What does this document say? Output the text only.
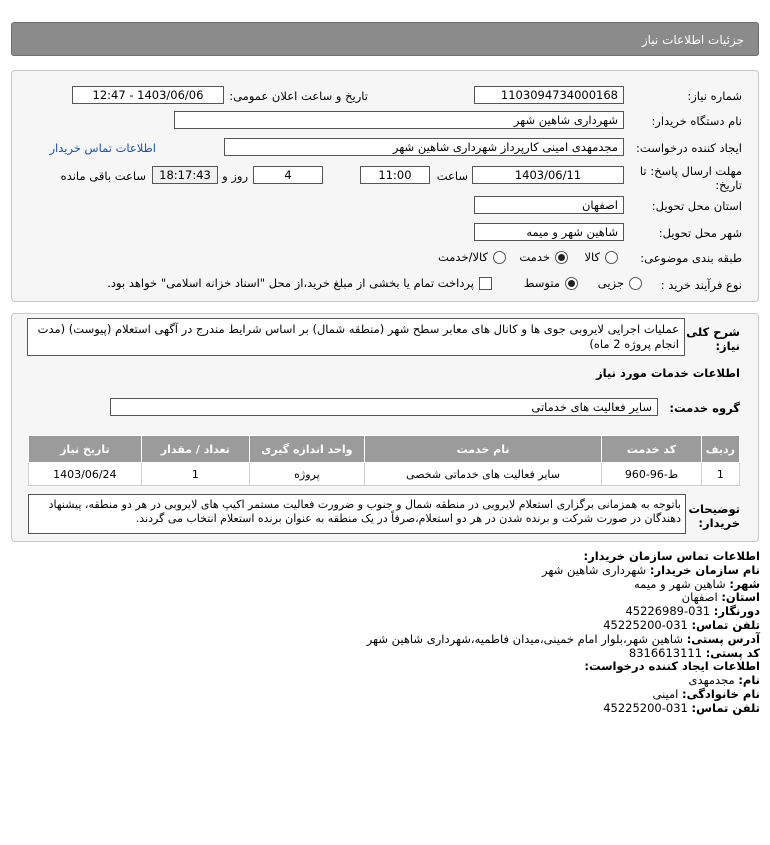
جزئیات اطلاعات نیاز
شماره نیاز:
1103094734000168
تاریخ و ساعت اعلان عمومی:
1403/06/06 - 12:47
نام دستگاه خریدار:
شهرداری شاهین شهر
ایجاد کننده درخواست:
مجدمهدی امینی کارپرداز شهرداری شاهین شهر
اطلاعات تماس خریدار
مهلت ارسال پاسخ: تا
تاریخ:
1403/06/11
ساعت
11:00
4
روز و
18:17:43
ساعت باقی مانده
استان محل تحویل:
اصفهان
شهر محل تحویل:
شاهین شهر و میمه
طبقه بندی موضوعی:
کالا
خدمت
کالا/خدمت
نوع فرآیند خرید :
جزیی
متوسط
پرداخت تمام یا بخشی از مبلغ خرید،از محل "اسناد خزانه اسلامی" خواهد بود.
شرح کلی
نیاز:
عملیات اجرایی لایروبی جوی ها و کانال های معابر سطح شهر (منطقه شمال) بر اساس شرایط مندرج در آگهی استعلام (پیوست) (مدت انجام پروژه 2 ماه)
اطلاعات خدمات مورد نیاز
گروه خدمت:
سایر فعالیت های خدماتی
ردیف	کد خدمت	نام خدمت	واحد اندازه گیری	تعداد / مقدار	تاریخ نیاز
1	ط-96-960	سایر فعالیت های خدماتی شخصی	پروژه	1	1403/06/24
توضیحات
خریدار:
باتوجه به همزمانی برگزاری استعلام لایروبی در منطقه شمال و جنوب و ضرورت فعالیت مستمر اکیپ های لایروبی در هر دو منطقه، پیشنهاد دهندگان در صورت شرکت و برنده شدن در هر دو استعلام،صرفاً در یک منطقه به عنوان برنده استعلام انتخاب می گردند.
اطلاعات تماس سازمان خریدار:
نام سازمان خریدار: شهرداری شاهین شهر
شهر: شاهین شهر و میمه
استان: اصفهان
دورنگار: 031-45226989
تلفن تماس: 031-45225200
آدرس پستی: شاهین شهر،بلوار امام خمینی،میدان فاطمیه،شهرداری شاهین شهر
کد پستی: 8316613111
اطلاعات ایجاد کننده درخواست:
نام: مجدمهدی
نام خانوادگی: امینی
تلفن تماس: 031-45225200
